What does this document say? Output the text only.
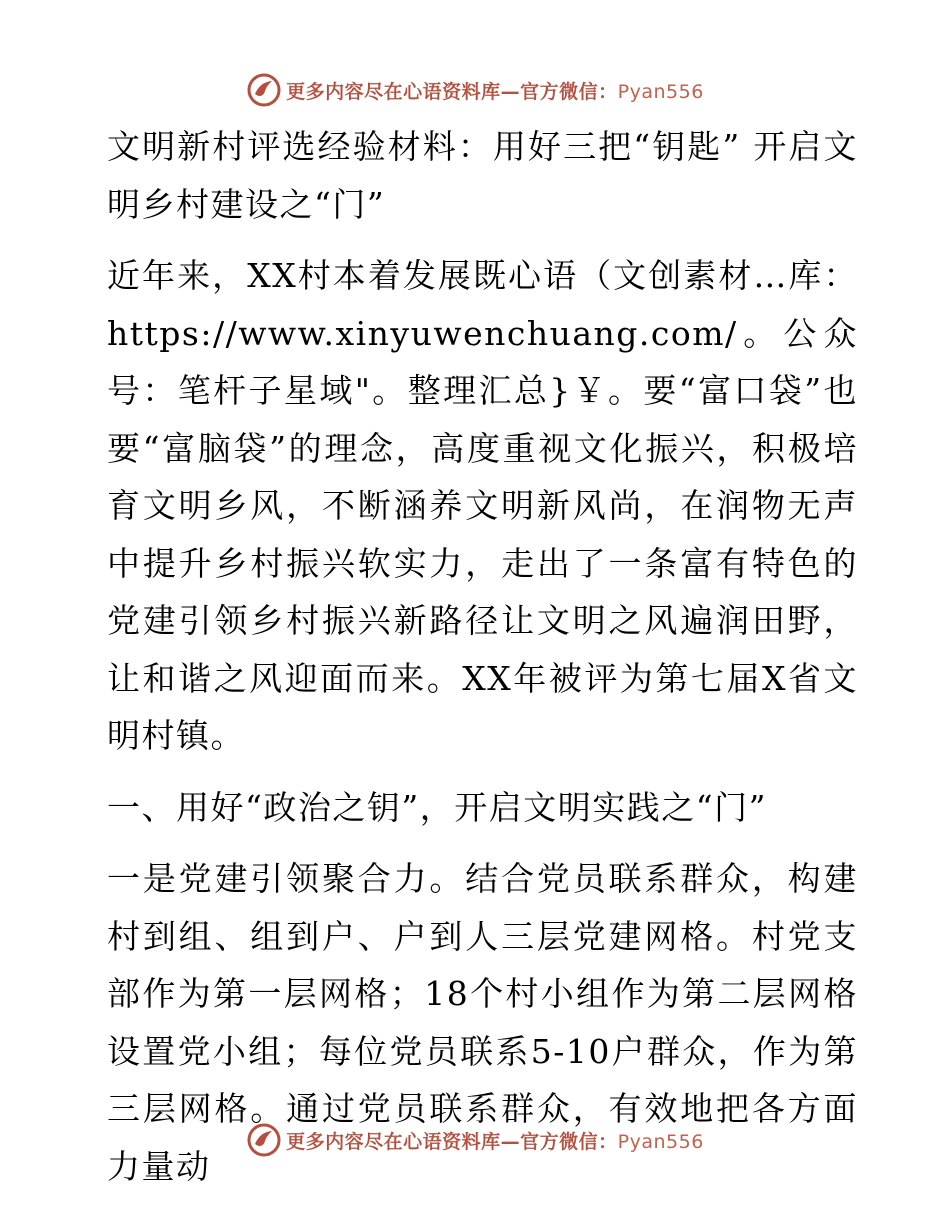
更多内容尽在心语资料库—官方微信：Pyan556

文明新村评选经验材料：用好三把“钥匙” 开启文明乡村建设之“门”

近年来，XX村本着发展既心语（文创素材…库：https://www.xinyuwenchuang.com/。公众号：笔杆子星域"。整理汇总}￥。要“富口袋”也要“富脑袋”的理念，高度重视文化振兴，积极培育文明乡风，不断涵养文明新风尚，在润物无声中提升乡村振兴软实力，走出了一条富有特色的党建引领乡村振兴新路径让文明之风遍润田野，让和谐之风迎面而来。XX年被评为第七届X省文明村镇。

一、用好“政治之钥”，开启文明实践之“门”

一是党建引领聚合力。结合党员联系群众，构建村到组、组到户、户到人三层党建网格。村党支部作为第一层网格；18个村小组作为第二层网格设置党小组；每位党员联系5-10户群众，作为第三层网格。通过党员联系群众，有效地把各方面力量动

更多内容尽在心语资料库—官方微信：Pyan556
